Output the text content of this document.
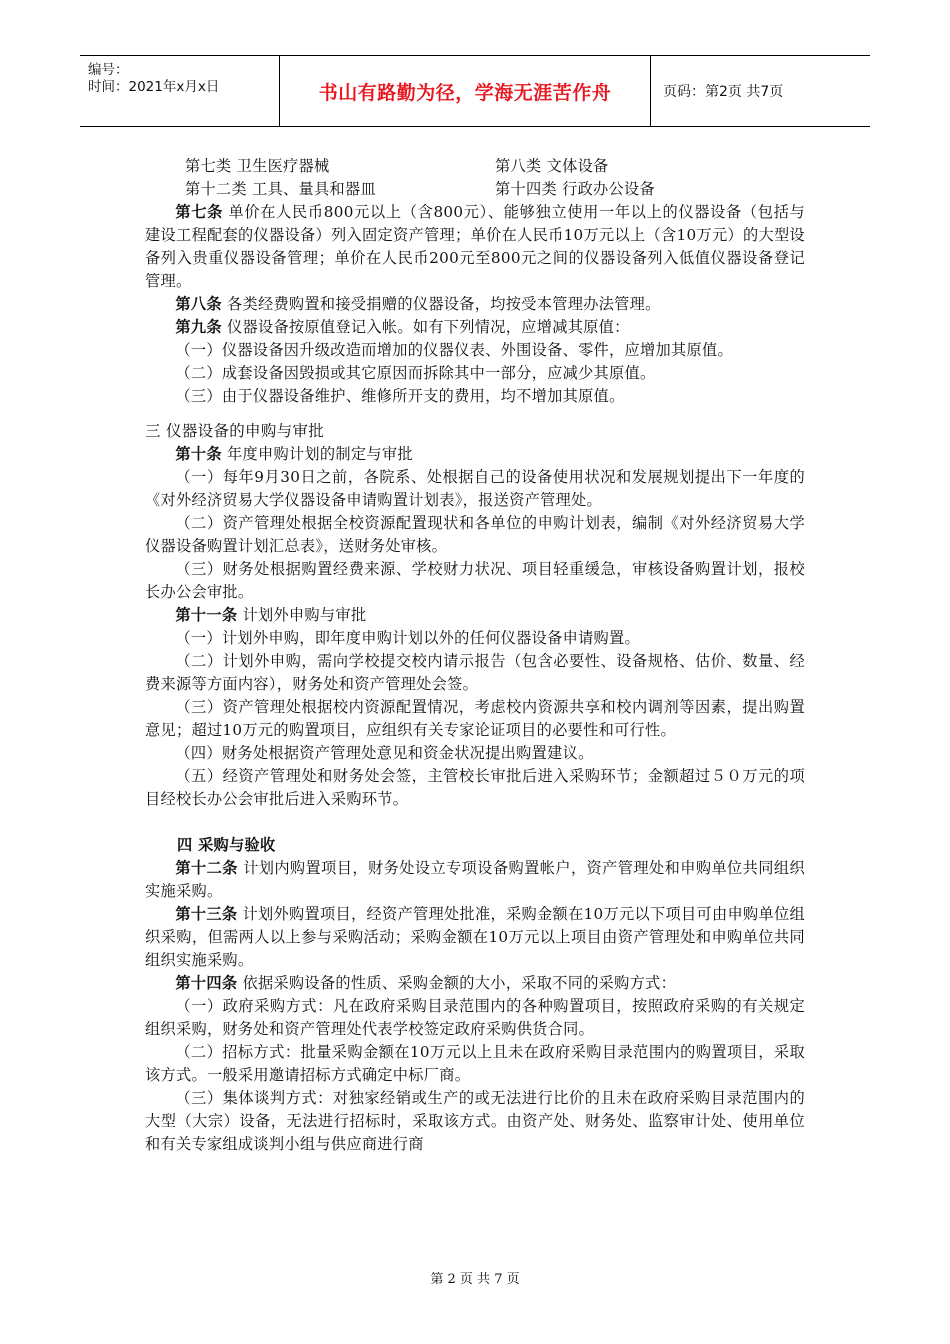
编号：
时间：2021年x月x日	书山有路勤为径，学海无涯苦作舟	页码：第2页 共7页

第七类 卫生医疗器械	第八类 文体设备

第十二类 工具、量具和器皿	第十四类 行政办公设备

第七条 单价在人民币800元以上（含800元）、能够独立使用一年以上的仪器设备（包括与建设工程配套的仪器设备）列入固定资产管理；单价在人民币10万元以上（含10万元）的大型设备列入贵重仪器设备管理；单价在人民币200元至800元之间的仪器设备列入低值仪器设备登记管理。

第八条 各类经费购置和接受捐赠的仪器设备，均按受本管理办法管理。

第九条 仪器设备按原值登记入帐。如有下列情况，应增减其原值：

（一）仪器设备因升级改造而增加的仪器仪表、外围设备、零件，应增加其原值。

（二）成套设备因毁损或其它原因而拆除其中一部分，应减少其原值。

（三）由于仪器设备维护、维修所开支的费用，均不增加其原值。

三 仪器设备的申购与审批

第十条 年度申购计划的制定与审批

（一）每年9月30日之前，各院系、处根据自己的设备使用状况和发展规划提出下一年度的《对外经济贸易大学仪器设备申请购置计划表》，报送资产管理处。

（二）资产管理处根据全校资源配置现状和各单位的申购计划表，编制《对外经济贸易大学仪器设备购置计划汇总表》，送财务处审核。

（三）财务处根据购置经费来源、学校财力状况、项目轻重缓急，审核设备购置计划，报校长办公会审批。

第十一条 计划外申购与审批

（一）计划外申购，即年度申购计划以外的任何仪器设备申请购置。

（二）计划外申购，需向学校提交校内请示报告（包含必要性、设备规格、估价、数量、经费来源等方面内容），财务处和资产管理处会签。

（三）资产管理处根据校内资源配置情况，考虑校内资源共享和校内调剂等因素，提出购置意见；超过10万元的购置项目，应组织有关专家论证项目的必要性和可行性。

（四）财务处根据资产管理处意见和资金状况提出购置建议。

（五）经资产管理处和财务处会签，主管校长审批后进入采购环节；金额超过５０万元的项目经校长办公会审批后进入采购环节。

四 采购与验收

第十二条 计划内购置项目，财务处设立专项设备购置帐户，资产管理处和申购单位共同组织实施采购。

第十三条 计划外购置项目，经资产管理处批准，采购金额在10万元以下项目可由申购单位组织采购，但需两人以上参与采购活动；采购金额在10万元以上项目由资产管理处和申购单位共同组织实施采购。

第十四条 依据采购设备的性质、采购金额的大小，采取不同的采购方式：

（一）政府采购方式：凡在政府采购目录范围内的各种购置项目，按照政府采购的有关规定组织采购，财务处和资产管理处代表学校签定政府采购供货合同。

（二）招标方式：批量采购金额在10万元以上且未在政府采购目录范围内的购置项目，采取该方式。一般采用邀请招标方式确定中标厂商。

（三）集体谈判方式：对独家经销或生产的或无法进行比价的且未在政府采购目录范围内的大型（大宗）设备，无法进行招标时，采取该方式。由资产处、财务处、监察审计处、使用单位和有关专家组成谈判小组与供应商进行商

第 2 页 共 7 页
